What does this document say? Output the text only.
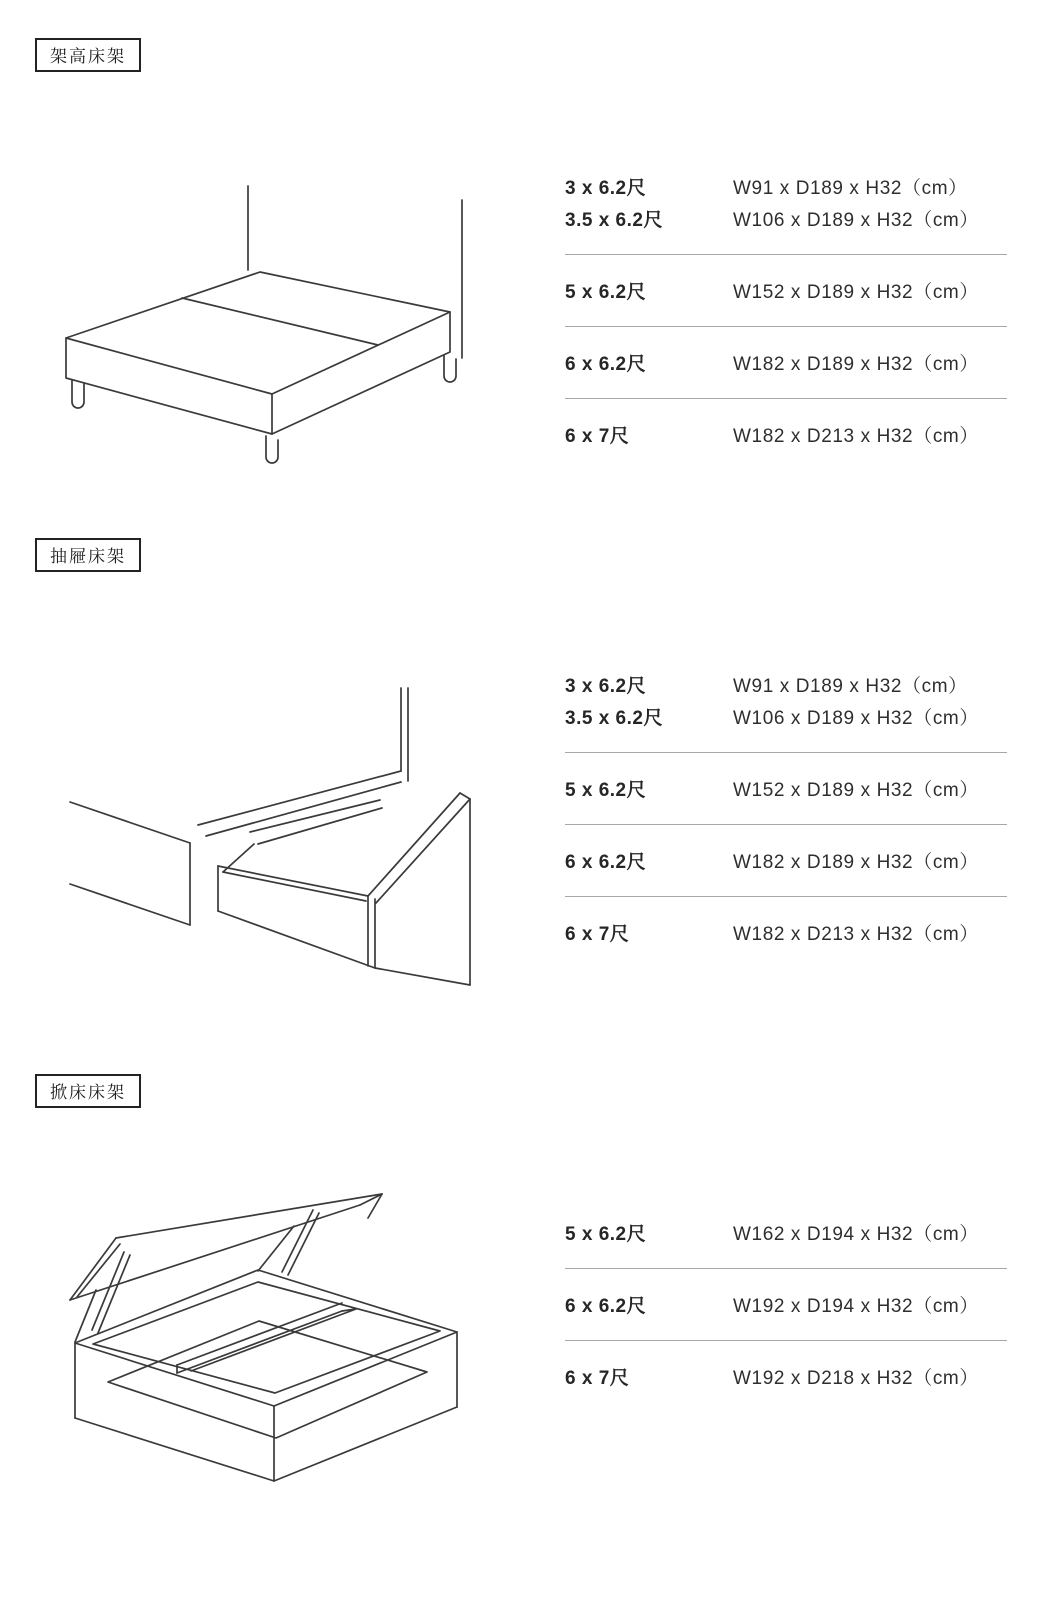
架高床架
3 x 6.2尺	W91 x D189 x H32（cm）
3.5 x 6.2尺	W106 x D189 x H32（cm）
5 x 6.2尺	W152 x D189 x H32（cm）
6 x 6.2尺	W182 x D189 x H32（cm）
6 x 7尺	W182 x D213 x H32（cm）
抽屜床架
3 x 6.2尺	W91 x D189 x H32（cm）
3.5 x 6.2尺	W106 x D189 x H32（cm）
5 x 6.2尺	W152 x D189 x H32（cm）
6 x 6.2尺	W182 x D189 x H32（cm）
6 x 7尺	W182 x D213 x H32（cm）
掀床床架
5 x 6.2尺	W162 x D194 x H32（cm）
6 x 6.2尺	W192 x D194 x H32（cm）
6 x 7尺	W192 x D218 x H32（cm）
